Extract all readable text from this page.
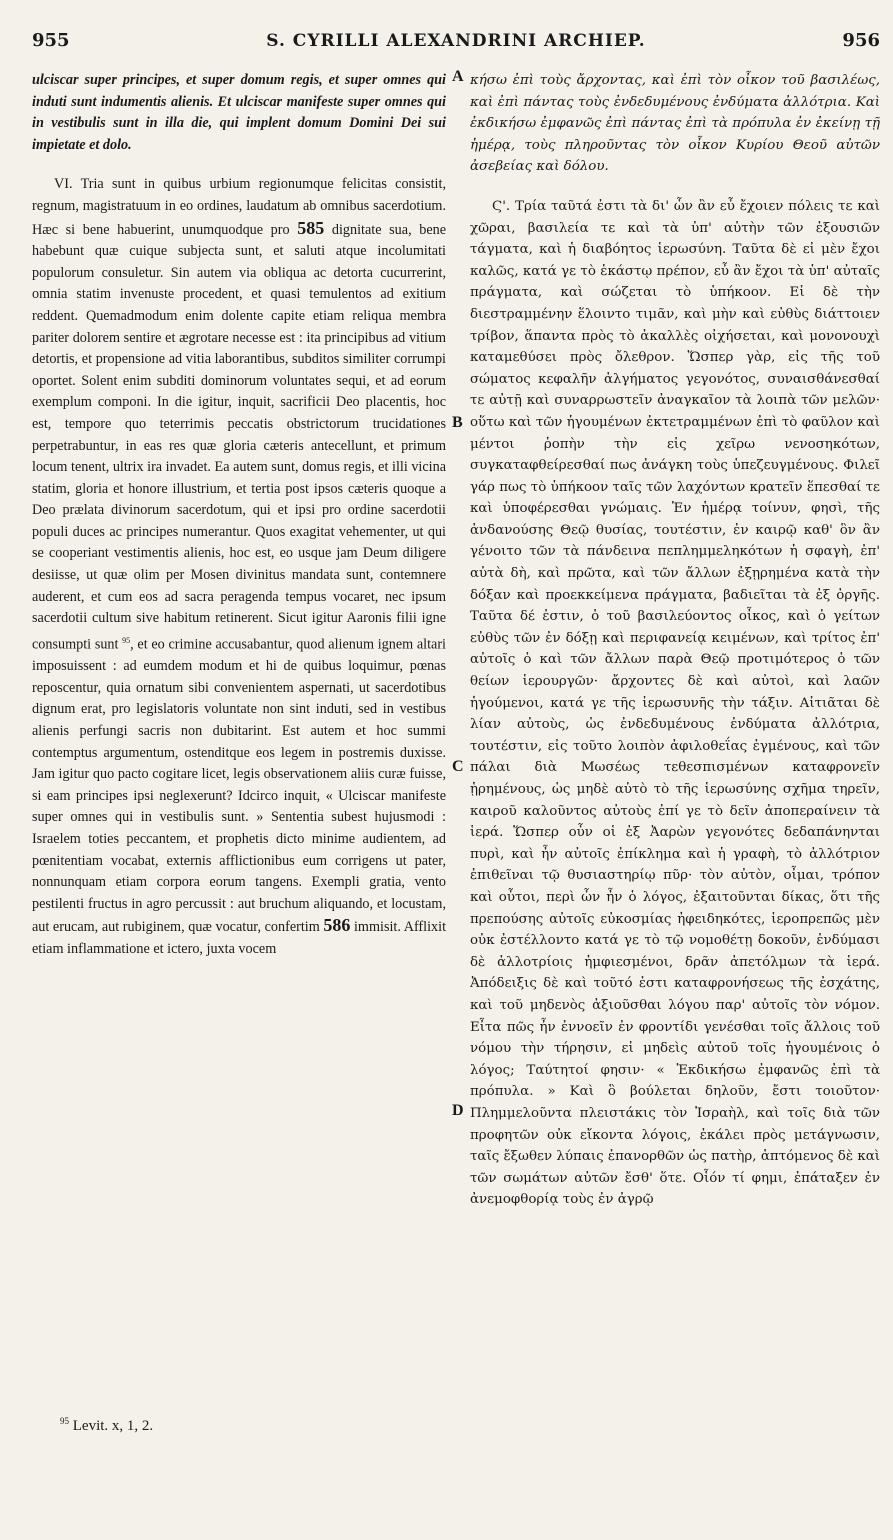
955	S. CYRILLI ALEXANDRINI ARCHIEP.	956

ulciscar super principes, et super domum regis, et super omnes qui induti sunt indumentis alienis. Et ulciscar manifeste super omnes qui in vestibulis sunt in illa die, qui implent domum Domini Dei sui impietate et dolo.

VI. Tria sunt in quibus urbium regionumque felicitas consistit, regnum, magistratuum in eo ordines, laudatum ab omnibus sacerdotium. Hæc si bene habuerint, unumquodque pro 585 dignitate sua, bene habebunt quæ cuique subjecta sunt, et saluti atque incolumitati populorum consuletur. Sin autem via obliqua ac detorta cucurrerint, omnia statim invenuste procedent, et quasi temulentos ad exitium reddent. Quemadmodum enim dolente capite etiam reliqua membra pariter dolorem sentire et ægrotare necesse est : ita principibus ad vitium detortis, et propensione ad vitia laborantibus, subditos similiter corrumpi oportet. Solent enim subditi dominorum voluntates sequi, et ad eorum exemplum componi. In die igitur, inquit, sacrificii Deo placentis, hoc est, tempore quo teterrimis peccatis obstrictorum trucidationes perpetrabuntur, in eas res quæ gloria cæteris antecellunt, et primum locum tenent, ultrix ira invadet. Ea autem sunt, domus regis, et illi vicina statim, gloria et honore illustrium, et tertia post ipsos cæteris quoque a Deo prælata divinorum sacerdotum, qui et ipsi pro ordine sacerdotii populi duces ac principes numerantur. Quos exagitat vehementer, ut qui se cooperiant vestimentis alienis, hoc est, eo usque jam Deum diligere desiisse, ut quæ olim per Mosen divinitus mandata sunt, contemnere auderent, et cum eos ad sacra peragenda tempus vocaret, nec ipsum sacerdotii cultum sive habitum retinerent. Sicut igitur Aaronis filii igne consumpti sunt $^{95}$, et eo crimine accusabantur, quod alienum ignem altari imposuissent : ad eumdem modum et hi de quibus loquimur, pœnas reposcentur, quia ornatum sibi convenientem aspernati, ut sacerdotibus dignum erat, pro legislatoris voluntate non sint induti, sed in vestibus alienis perfungi sacris non dubitarint. Est autem et hoc summi contemptus argumentum, ostenditque eos legem in postremis duxisse. Jam igitur quo pacto cogitare licet, legis observationem aliis curæ fuisse, si eam principes ipsi neglexerunt? Idcirco inquit, « Ulciscar manifeste super omnes qui in vestibulis sunt. » Sententia subest hujusmodi : Israelem toties peccantem, et prophetis dicto minime audientem, ad pœnitentiam vocabat, externis afflictionibus eum corrigens ut pater, nonnunquam etiam corpora eorum tangens. Exempli gratia, vento pestilenti fructus in agro percussit : aut bruchum aliquando, et locustam, aut erucam, aut rubiginem, quæ vocatur, confertim 586 immisit. Afflixit etiam inflammatione et ictero, juxta vocem

A
B
C
D

κήσω ἐπὶ τοὺς ἄρχοντας, καὶ ἐπὶ τὸν οἶκον τοῦ βασιλέως, καὶ ἐπὶ πάντας τοὺς ἐνδεδυμένους ἐνδύματα ἀλλότρια. Καὶ ἐκδικήσω ἐμφανῶς ἐπὶ πάντας ἐπὶ τὰ πρόπυλα ἐν ἐκείνῃ τῇ ἡμέρᾳ, τοὺς πληροῦντας τὸν οἶκον Κυρίου Θεοῦ αὐτῶν ἀσεβείας καὶ δόλου.

Ϛ'. Τρία ταῦτά ἐστι τὰ δι' ὧν ἂν εὖ ἔχοιεν πόλεις τε καὶ χῶραι, βασιλεία τε καὶ τὰ ὑπ' αὐτὴν τῶν ἐξουσιῶν τάγματα, καὶ ἡ διαβόητος ἱερωσύνη. Ταῦτα δὲ εἰ μὲν ἔχοι καλῶς, κατά γε τὸ ἑκάστῳ πρέπον, εὖ ἂν ἔχοι τὰ ὑπ' αὐταῖς πράγματα, καὶ σώζεται τὸ ὑπήκοον. Εἰ δὲ τὴν διεστραμμένην ἕλοιντο τιμᾶν, καὶ μὴν καὶ εὐθὺς διάττοιεν τρίβον, ἅπαντα πρὸς τὸ ἀκαλλὲς οἰχήσεται, καὶ μονονουχὶ καταμεθύσει πρὸς ὄλεθρον. Ὥσπερ γὰρ, εἰς τῆς τοῦ σώματος κεφαλῆν ἀλγήματος γεγονότος, συναισθάνεσθαί τε αὐτῇ καὶ συναρρωστεῖν ἀναγκαῖον τὰ λοιπὰ τῶν μελῶν· οὕτω καὶ τῶν ἡγουμένων ἐκτετραμμένων ἐπὶ τὸ φαῦλον καὶ μέντοι ῥοπὴν τὴν εἰς χεῖρω νενοσηκότων, συγκαταφθείρεσθαί πως ἀνάγκη τοὺς ὑπεζευγμένους. Φιλεῖ γάρ πως τὸ ὑπήκοον ταῖς τῶν λαχόντων κρατεῖν ἕπεσθαί τε καὶ ὑποφέρεσθαι γνώμαις. Ἐν ἡμέρᾳ τοίνυν, φησὶ, τῆς ἀνδανούσης Θεῷ θυσίας, τουτέστιν, ἐν καιρῷ καθ' ὃν ἂν γένοιτο τῶν τὰ πάνδεινα πεπλημμεληκότων ἡ σφαγὴ, ἐπ' αὐτὰ δὴ, καὶ πρῶτα, καὶ τῶν ἄλλων ἐξῃρημένα κατὰ τὴν δόξαν καὶ προεκκείμενα πράγματα, βαδιεῖται τὰ ἐξ ὀργῆς. Ταῦτα δέ ἐστιν, ὁ τοῦ βασιλεύοντος οἶκος, καὶ ὁ γείτων εὐθὺς τῶν ἐν δόξῃ καὶ περιφανείᾳ κειμένων, καὶ τρίτος ἐπ' αὐτοῖς ὁ καὶ τῶν ἄλλων παρὰ Θεῷ προτιμότερος ὁ τῶν θείων ἱερουργῶν· ἄρχοντες δὲ καὶ αὐτοὶ, καὶ λαῶν ἡγούμενοι, κατά γε τῆς ἱερωσυνῆς τὴν τάξιν. Αἰτιᾶται δὲ λίαν αὐτοὺς, ὡς ἐνδεδυμένους ἐνδύματα ἀλλότρια, τουτέστιν, εἰς τοῦτο λοιπὸν ἀφιλοθεΐας ἐγμένους, καὶ τῶν πάλαι διὰ Μωσέως τεθεσπισμένων καταφρονεῖν ᾑρημένους, ὡς μηδὲ αὐτὸ τὸ τῆς ἱερωσύνης σχῆμα τηρεῖν, καιροῦ καλοῦντος αὐτοὺς ἐπί γε τὸ δεῖν ἀποπεραίνειν τὰ ἱερά. Ὥσπερ οὖν οἱ ἐξ Ἀαρὼν γεγονότες δεδαπάνηνται πυρὶ, καὶ ἦν αὐτοῖς ἐπίκλημα καὶ ἡ γραφὴ, τὸ ἀλλότριον ἐπιθεῖναι τῷ θυσιαστηρίῳ πῦρ· τὸν αὐτὸν, οἶμαι, τρόπον καὶ οὗτοι, περὶ ὧν ἦν ὁ λόγος, ἐξαιτοῦνται δίκας, ὅτι τῆς πρεπούσης αὐτοῖς εὐκοσμίας ἠφειδηκότες, ἱεροπρεπῶς μὲν οὐκ ἐστέλλοντο κατά γε τὸ τῷ νομοθέτῃ δοκοῦν, ἐνδύμασι δὲ ἀλλοτρίοις ἠμφιεσμένοι, δρᾶν ἀπετόλμων τὰ ἱερά. Ἀπόδειξις δὲ καὶ τοῦτό ἐστι καταφρονήσεως τῆς ἐσχάτης, καὶ τοῦ μηδενὸς ἀξιοῦσθαι λόγου παρ' αὐτοῖς τὸν νόμον. Εἶτα πῶς ἦν ἐννοεῖν ἐν φροντίδι γενέσθαι τοῖς ἄλλοις τοῦ νόμου τὴν τήρησιν, εἰ μηδεὶς αὐτοῦ τοῖς ἡγουμένοις ὁ λόγος; Ταύτητοί φησιν· « Ἐκδικήσω ἐμφανῶς ἐπὶ τὰ πρόπυλα. » Καὶ ὃ βούλεται δηλοῦν, ἔστι τοιοῦτον· Πλημμελοῦντα πλειστάκις τὸν Ἰσραὴλ, καὶ τοῖς διὰ τῶν προφητῶν οὐκ εἴκοντα λόγοις, ἐκάλει πρὸς μετάγνωσιν, ταῖς ἔξωθεν λύπαις ἐπανορθῶν ὡς πατὴρ, ἁπτόμενος δὲ καὶ τῶν σωμάτων αὐτῶν ἔσθ' ὅτε. Οἷόν τί φημι, ἐπάταξεν ἐν ἀνεμοφθορίᾳ τοὺς ἐν ἀγρῷ

$^{95}$ Levit. x, 1, 2.
